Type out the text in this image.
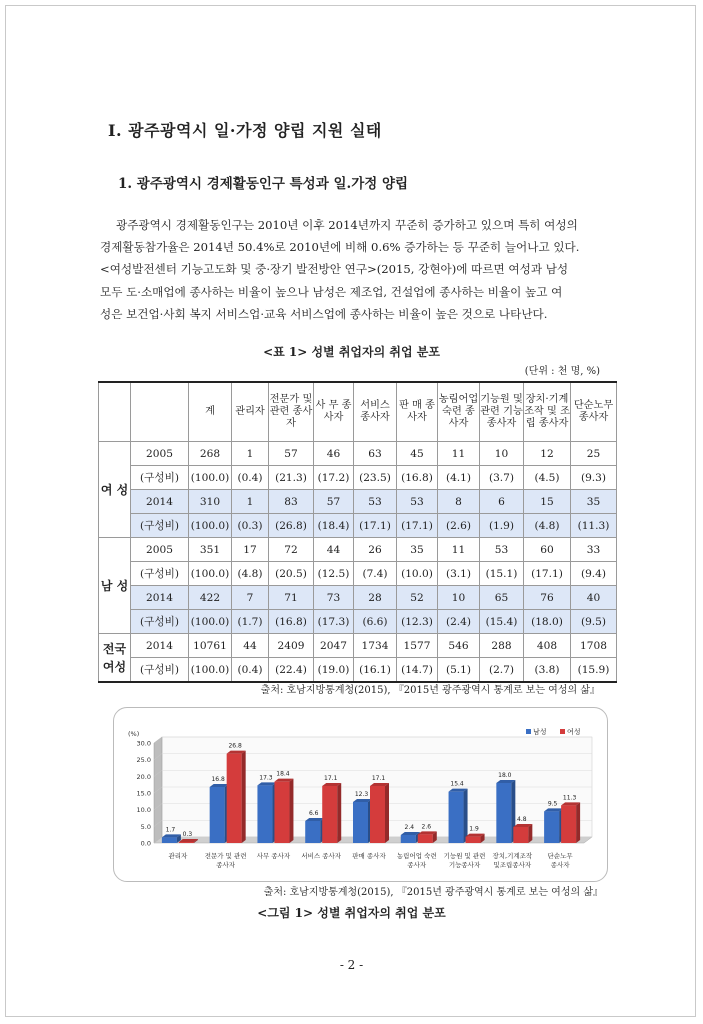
Ⅰ. 광주광역시 일·가정 양립 지원 실태
1. 광주광역시 경제활동인구 특성과 일.가정 양립
광주광역시 경제활동인구는 2010년 이후 2014년까지 꾸준히 증가하고 있으며 특히 여성의
경제활동참가율은 2014년 50.4%로 2010년에 비해 0.6% 증가하는 등 꾸준히 늘어나고 있다.
<여성발전센터 기능고도화 및 중·장기 발전방안 연구>(2015, 강현아)에 따르면 여성과 남성
모두 도·소매업에 종사하는 비율이 높으나 남성은 제조업, 건설업에 종사하는 비율이 높고 여
성은 보건업·사회 복지 서비스업·교육 서비스업에 종사하는 비율이 높은 것으로 나타난다.
<표 1> 성별 취업자의 취업 분포
(단위 : 천 명, %)
		계	관리자	전문가 및 관련 종사자	사 무 종사자	서비스 종사자	판 매 종사자	농림어업 숙련 종사자	기능원 및 관련 기능 종사자	장치·기계 조작 및 조립 종사자	단순노무 종사자
여 성	2005	268	1	57	46	63	45	11	10	12	25
	(구성비)	(100.0)	(0.4)	(21.3)	(17.2)	(23.5)	(16.8)	(4.1)	(3.7)	(4.5)	(9.3)
	2014	310	1	83	57	53	53	8	6	15	35
	(구성비)	(100.0)	(0.3)	(26.8)	(18.4)	(17.1)	(17.1)	(2.6)	(1.9)	(4.8)	(11.3)
남 성	2005	351	17	72	44	26	35	11	53	60	33
	(구성비)	(100.0)	(4.8)	(20.5)	(12.5)	(7.4)	(10.0)	(3.1)	(15.1)	(17.1)	(9.4)
	2014	422	7	71	73	28	52	10	65	76	40
	(구성비)	(100.0)	(1.7)	(16.8)	(17.3)	(6.6)	(12.3)	(2.4)	(15.4)	(18.0)	(9.5)
전국 여성	2014	10761	44	2409	2047	1734	1577	546	288	408	1708
	(구성비)	(100.0)	(0.4)	(22.4)	(19.0)	(16.1)	(14.7)	(5.1)	(2.7)	(3.8)	(15.9)
출처: 호남지방통계청(2015), 『2015년 광주광역시 통계로 보는 여성의 삶』
0.0
5.0
10.0
15.0
20.0
25.0
30.0
(%)	남성	여성
1.7
0.3
관리자
16.8
26.8
전문가 및 관련
종사자
17.3
18.4
사무 종사자
6.6
17.1
서비스 종사자
12.3
17.1
판매 종사자
2.4 2.6
농림어업 숙련
종사자
15.4
1.9
기능원 및 관련
기능종사자
18.0
4.8
장치,기계조작
및조립종사자
9.5
11.3
단순노무
종사자
출처: 호남지방통계청(2015), 『2015년 광주광역시 통계로 보는 여성의 삶』
<그림 1> 성별 취업자의 취업 분포
- 2 -
